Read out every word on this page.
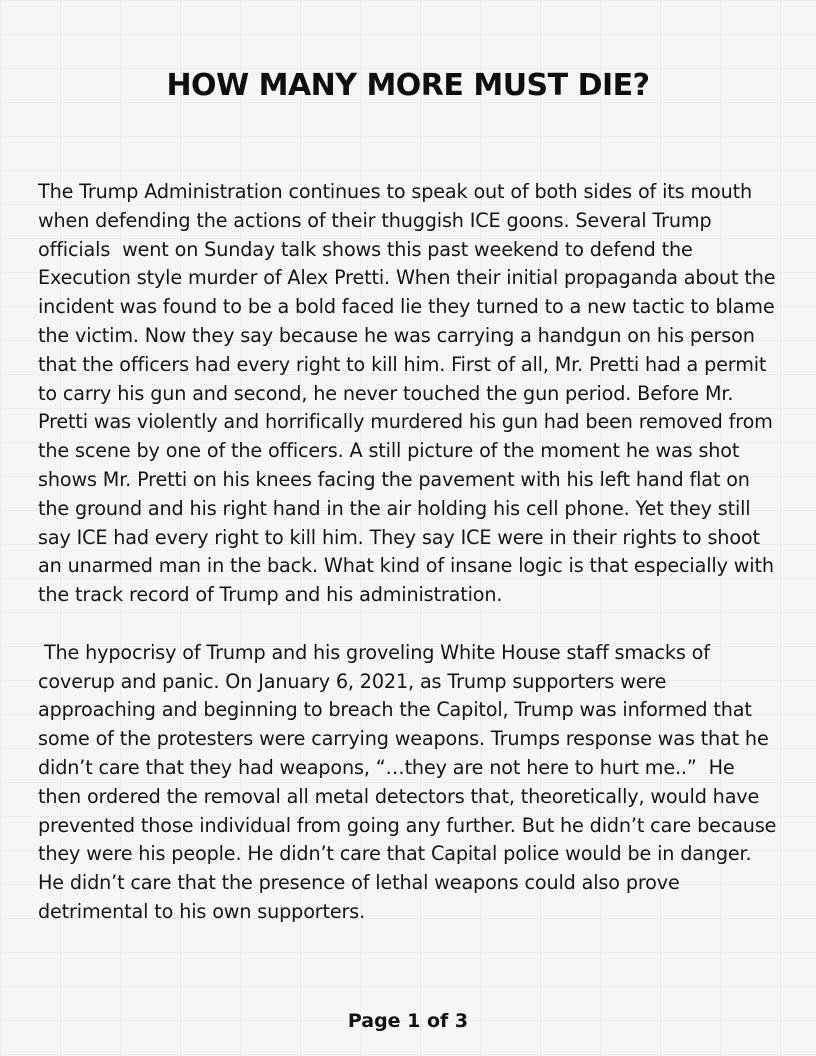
HOW MANY MORE MUST DIE?

The Trump Administration continues to speak out of both sides of its mouth when defending the actions of their thuggish ICE goons. Several Trump officials  went on Sunday talk shows this past weekend to defend the  Execution style murder of Alex Pretti. When their initial propaganda about the incident was found to be a bold faced lie they turned to a new tactic to blame the victim. Now they say because he was carrying a handgun on his person that the officers had every right to kill him. First of all, Mr. Pretti had a permit to carry his gun and second, he never touched the gun period. Before Mr. Pretti was violently and horrifically murdered his gun had been removed from the scene by one of the officers. A still picture of the moment he was shot shows Mr. Pretti on his knees facing the pavement with his left hand flat on the ground and his right hand in the air holding his cell phone. Yet they still say ICE had every right to kill him. They say ICE were in their rights to shoot an unarmed man in the back. What kind of insane logic is that especially with the track record of Trump and his administration.

The hypocrisy of Trump and his groveling White House staff smacks of coverup and panic. On January 6, 2021, as Trump supporters were approaching and beginning to breach the Capitol, Trump was informed that some of the protesters were carrying weapons. Trumps response was that he didn’t care that they had weapons, “…they are not here to hurt me..”  He then ordered the removal all metal detectors that, theoretically, would have prevented those individual from going any further. But he didn’t care because they were his people. He didn’t care that Capital police would be in danger. He didn’t care that the presence of lethal weapons could also prove detrimental to his own supporters.

Page 1 of 3
